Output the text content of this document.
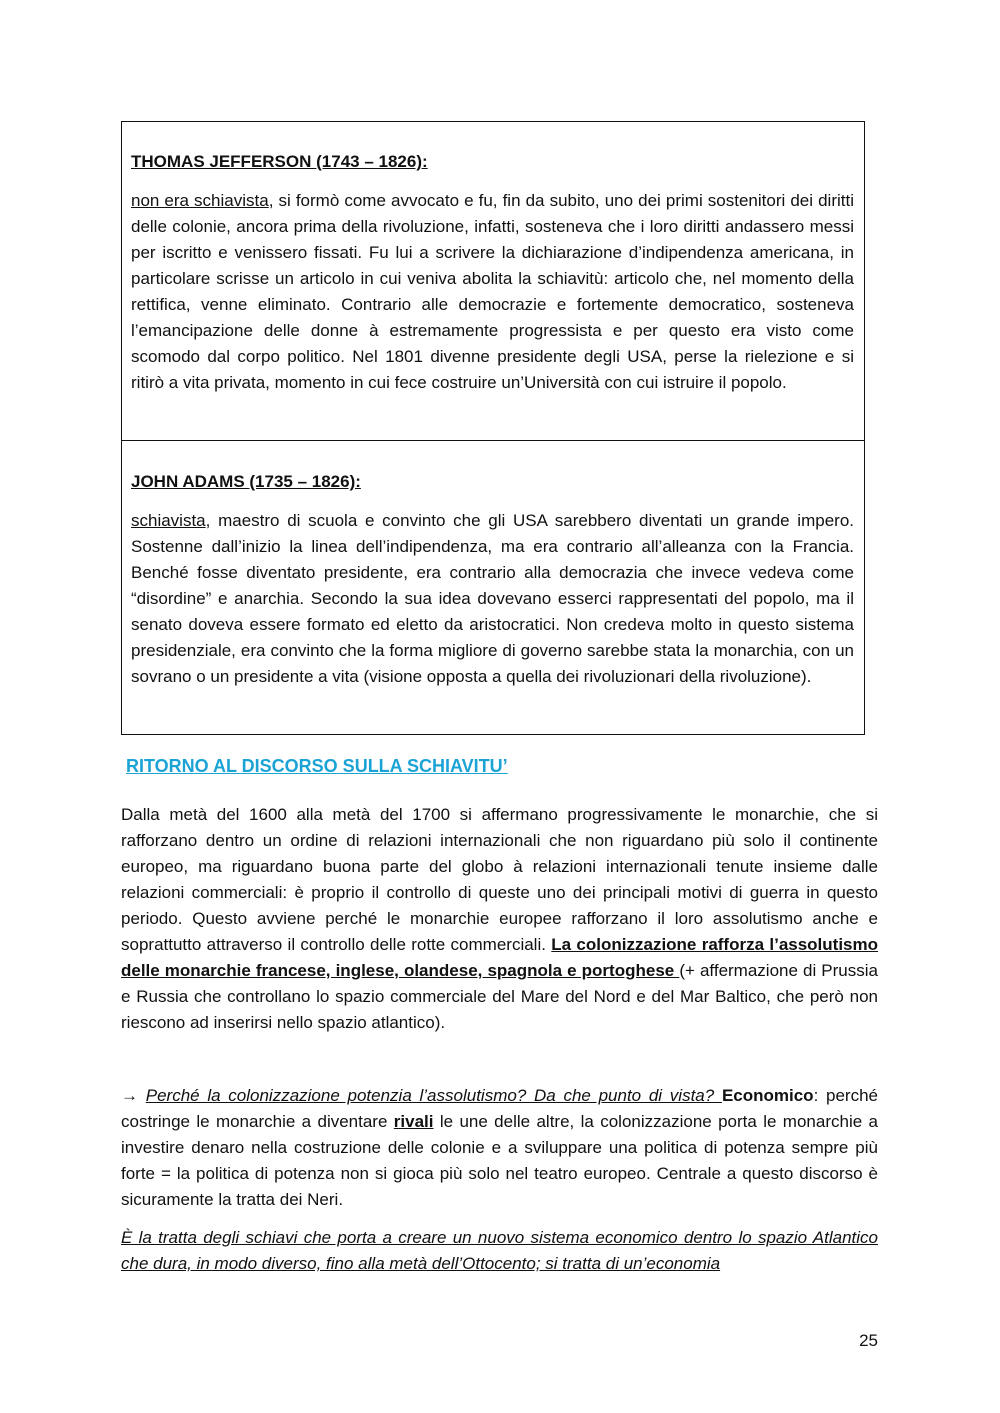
THOMAS JEFFERSON (1743 – 1826):

non era schiavista, si formò come avvocato e fu, fin da subito, uno dei primi sostenitori dei diritti delle colonie, ancora prima della rivoluzione, infatti, sosteneva che i loro diritti andassero messi per iscritto e venissero fissati. Fu lui a scrivere la dichiarazione d’indipendenza americana, in particolare scrisse un articolo in cui veniva abolita la schiavitù: articolo che, nel momento della rettifica, venne eliminato. Contrario alle democrazie e fortemente democratico, sosteneva l’emancipazione delle donne à estremamente progressista e per questo era visto come scomodo dal corpo politico. Nel 1801 divenne presidente degli USA, perse la rielezione e si ritirò a vita privata, momento in cui fece costruire un’Università con cui istruire il popolo.

JOHN ADAMS (1735 – 1826):

schiavista, maestro di scuola e convinto che gli USA sarebbero diventati un grande impero. Sostenne dall’inizio la linea dell’indipendenza, ma era contrario all’alleanza con la Francia. Benché fosse diventato presidente, era contrario alla democrazia che invece vedeva come “disordine” e anarchia. Secondo la sua idea dovevano esserci rappresentati del popolo, ma il senato doveva essere formato ed eletto da aristocratici. Non credeva molto in questo sistema presidenziale, era convinto che la forma migliore di governo sarebbe stata la monarchia, con un sovrano o un presidente a vita (visione opposta a quella dei rivoluzionari della rivoluzione).

RITORNO AL DISCORSO SULLA SCHIAVITU’

Dalla metà del 1600 alla metà del 1700 si affermano progressivamente le monarchie, che si rafforzano dentro un ordine di relazioni internazionali che non riguardano più solo il continente europeo, ma riguardano buona parte del globo à relazioni internazionali tenute insieme dalle relazioni commerciali: è proprio il controllo di queste uno dei principali motivi di guerra in questo periodo. Questo avviene perché le monarchie europee rafforzano il loro assolutismo anche e soprattutto attraverso il controllo delle rotte commerciali. La colonizzazione rafforza l’assolutismo delle monarchie francese, inglese, olandese, spagnola e portoghese (+ affermazione di Prussia e Russia che controllano lo spazio commerciale del Mare del Nord e del Mar Baltico, che però non riescono ad inserirsi nello spazio atlantico).

→ Perché la colonizzazione potenzia l’assolutismo? Da che punto di vista? Economico: perché costringe le monarchie a diventare rivali le une delle altre, la colonizzazione porta le monarchie a investire denaro nella costruzione delle colonie e a sviluppare una politica di potenza sempre più forte = la politica di potenza non si gioca più solo nel teatro europeo. Centrale a questo discorso è sicuramente la tratta dei Neri.

È la tratta degli schiavi che porta a creare un nuovo sistema economico dentro lo spazio Atlantico che dura, in modo diverso, fino alla metà dell’Ottocento; si tratta di un’economia

25
